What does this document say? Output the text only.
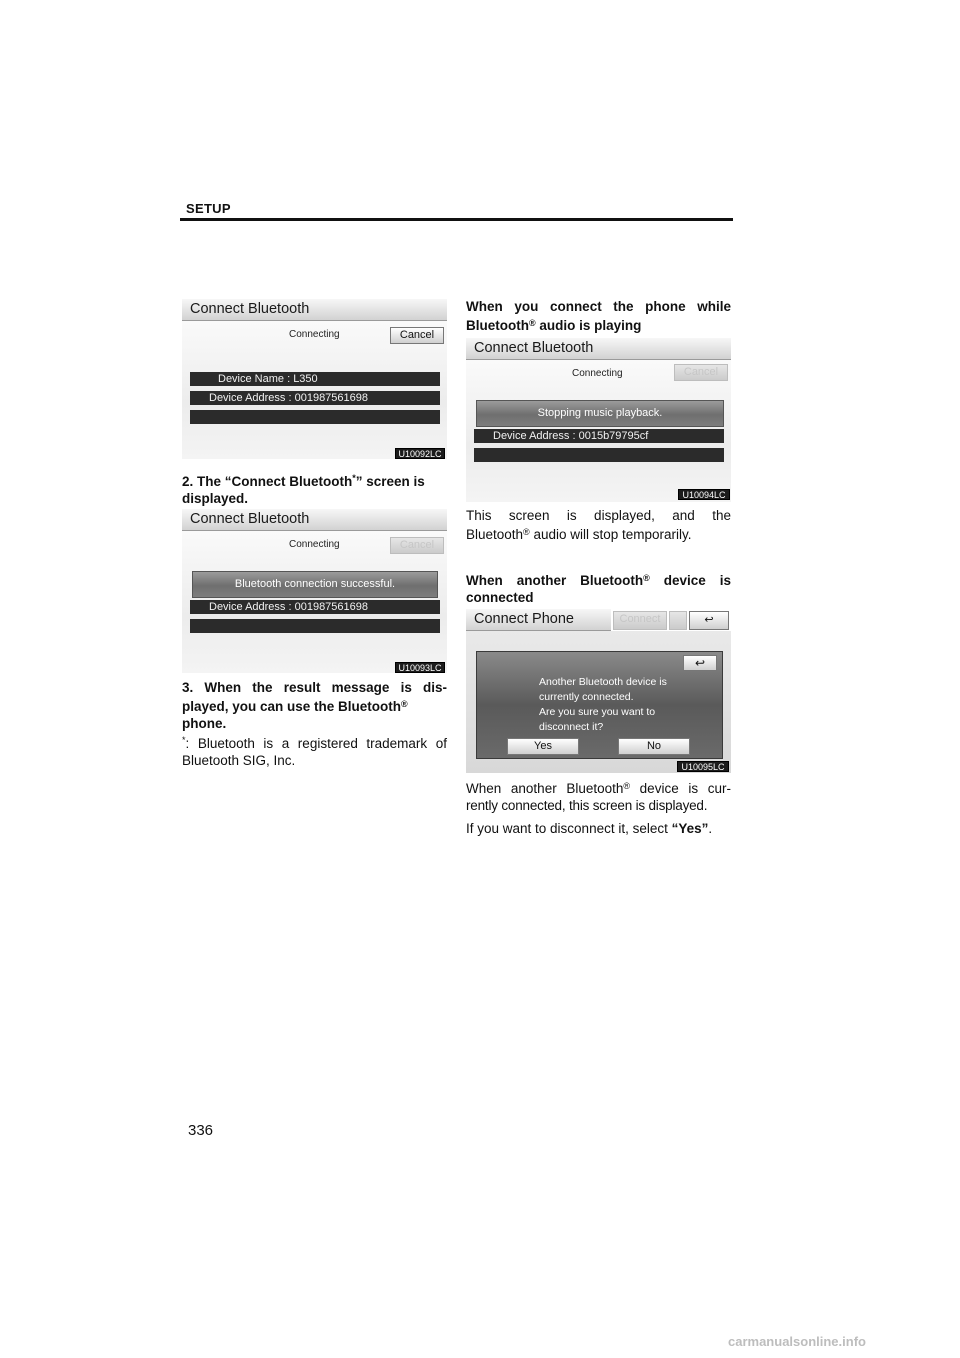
SETUP
Connect Bluetooth
Connecting	Cancel
Device Name : L350
Device Address : 001987561698
U10092LC
2. The “Connect Bluetooth*” screen is
displayed.
Connect Bluetooth
Connecting	Cancel
Bluetooth connection successful.
Device Address : 001987561698
U10093LC
3. When the result message is dis-
played, you can use the Bluetooth®
phone.
*: Bluetooth is a registered trademark of
Bluetooth SIG, Inc.
When you connect the phone while
Bluetooth® audio is playing
Connect Bluetooth
Connecting	Cancel
Stopping music playback.
Device Address : 0015b79795cf
U10094LC
This screen is displayed, and the
Bluetooth® audio will stop temporarily.
When another Bluetooth® device is
connected
Connect Phone	Connect	↩
↩
Another Bluetooth device is
currently connected.
Are you sure you want to
disconnect it?
Yes	No
U10095LC
When another Bluetooth® device is cur-
rently connected, this screen is displayed.
If you want to disconnect it, select “Yes”.
336
carmanualsonline.info
